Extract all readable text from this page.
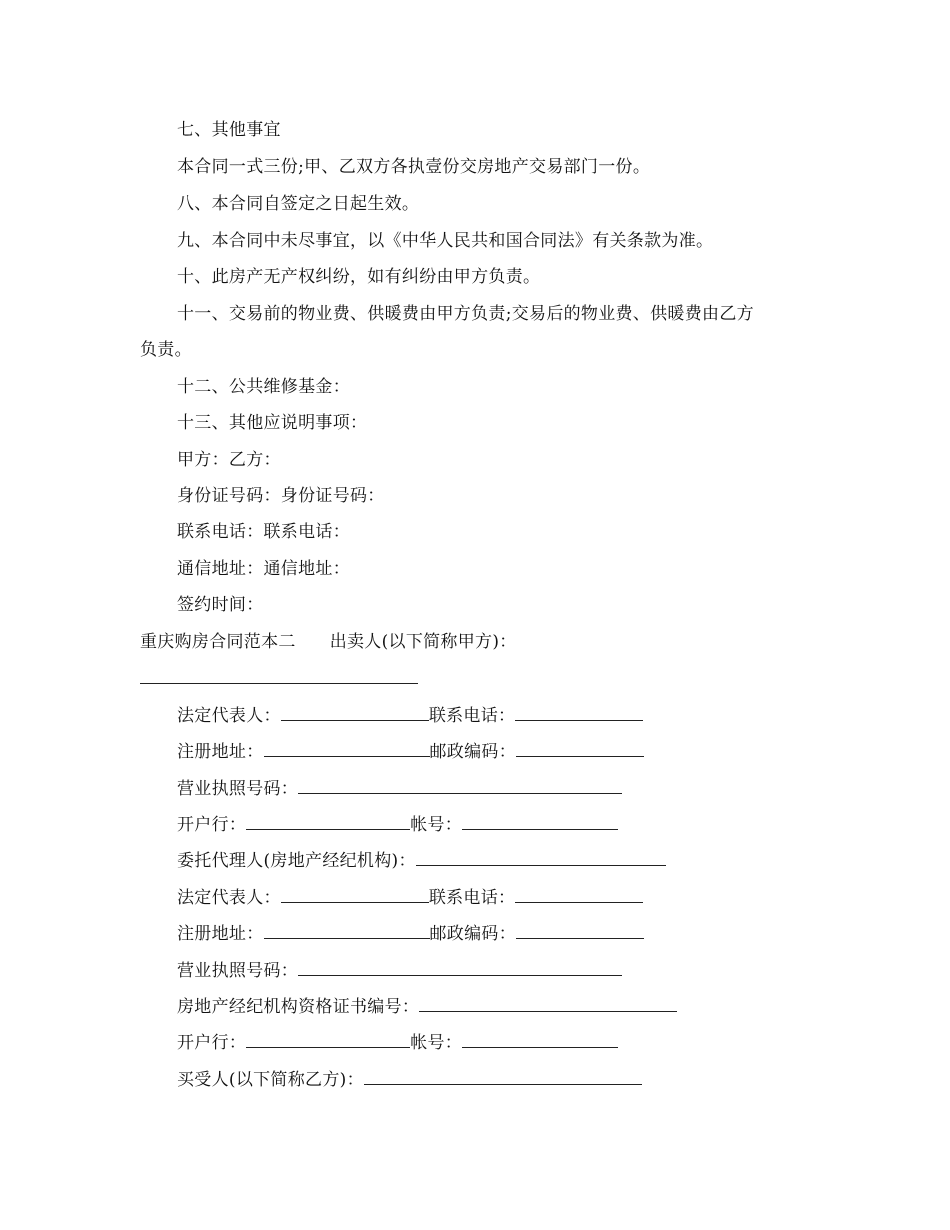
七、其他事宜
本合同一式三份;甲、乙双方各执壹份交房地产交易部门一份。
八、本合同自签定之日起生效。
九、本合同中未尽事宜，以《中华人民共和国合同法》有关条款为准。
十、此房产无产权纠纷，如有纠纷由甲方负责。
十一、交易前的物业费、供暖费由甲方负责;交易后的物业费、供暖费由乙方
负责。
十二、公共维修基金：
十三、其他应说明事项：
甲方：乙方：
身份证号码：身份证号码：
联系电话：联系电话：
通信地址：通信地址：
签约时间：
重庆购房合同范本二 出卖人(以下简称甲方)：
法定代表人：	联系电话：
注册地址：	邮政编码：
营业执照号码：
开户行：	帐号：
委托代理人(房地产经纪机构)：
法定代表人：	联系电话：
注册地址：	邮政编码：
营业执照号码：
房地产经纪机构资格证书编号：
开户行：	帐号：
买受人(以下简称乙方)：
